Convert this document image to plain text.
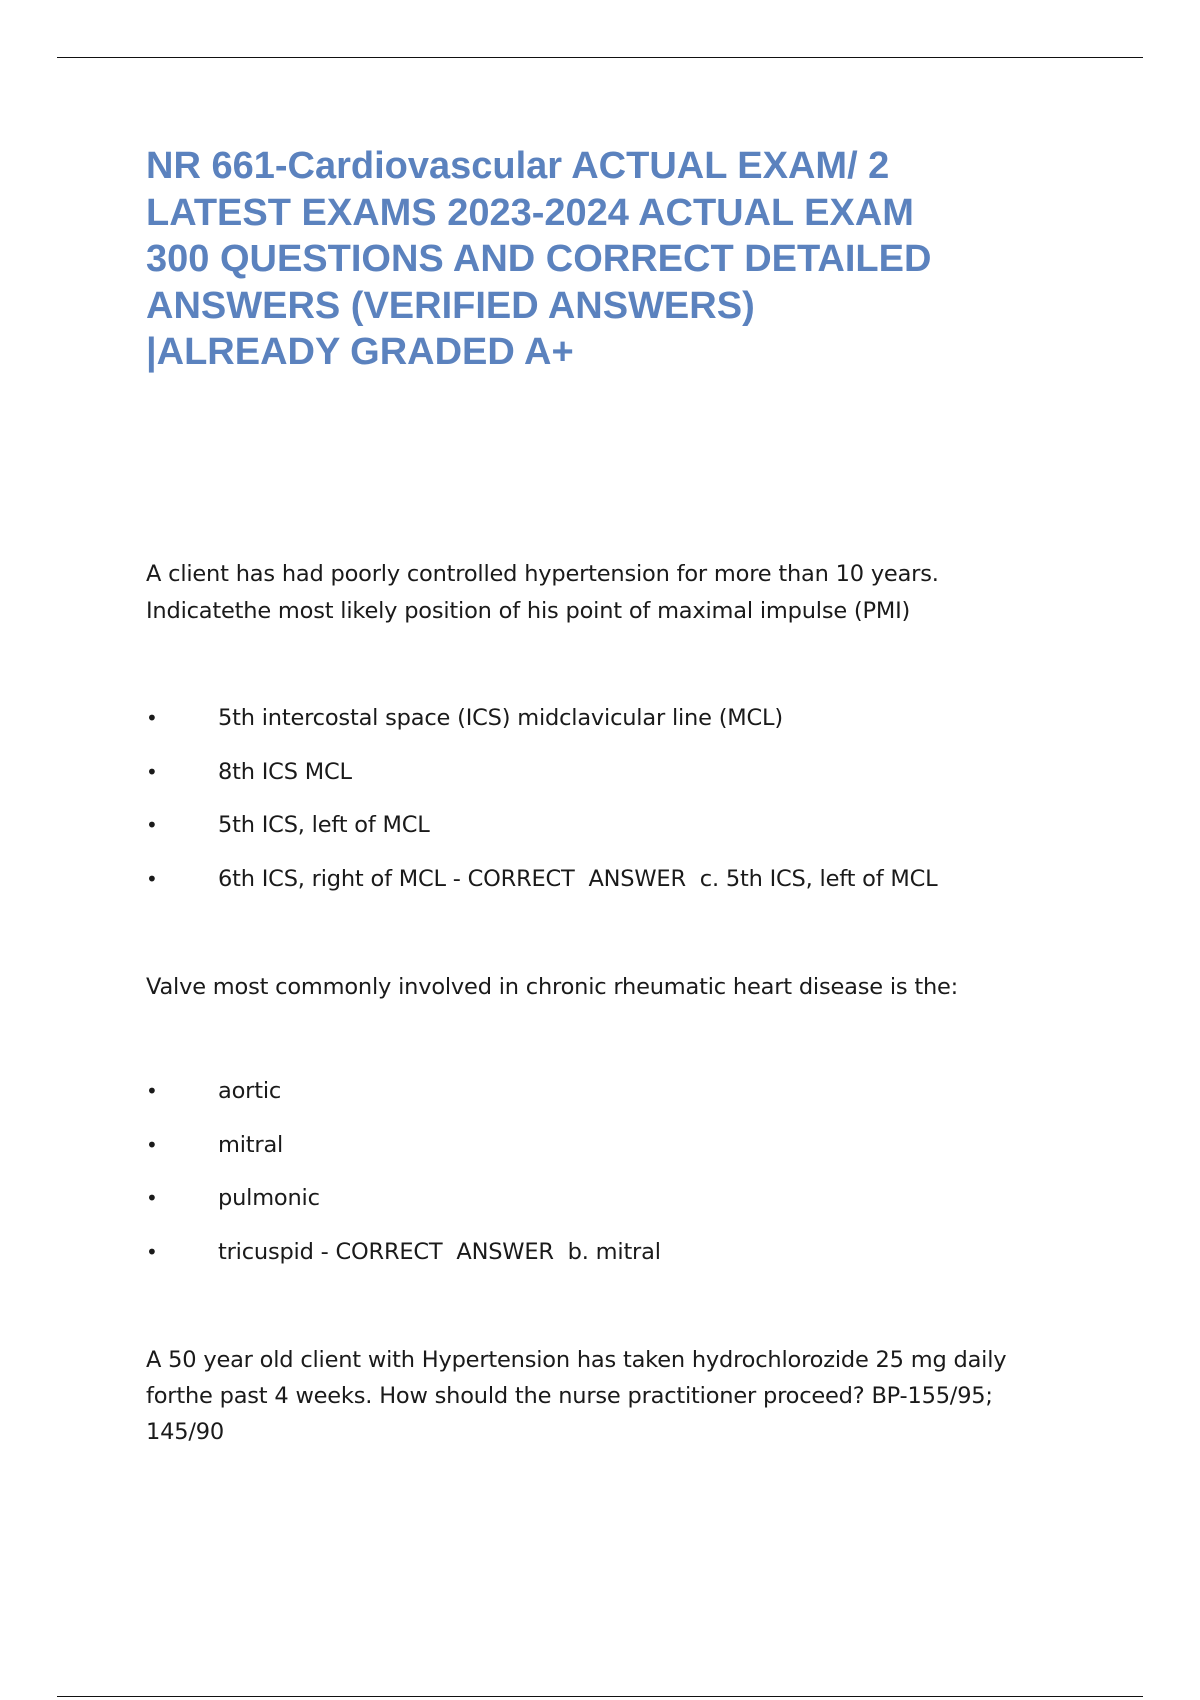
NR 661-Cardiovascular ACTUAL EXAM/ 2 LATEST EXAMS 2023-2024 ACTUAL EXAM 300 QUESTIONS AND CORRECT DETAILED ANSWERS (VERIFIED ANSWERS) |ALREADY GRADED A+

A client has had poorly controlled hypertension for more than 10 years. Indicatethe most likely position of his point of maximal impulse (PMI)

•	5th intercostal space (ICS) midclavicular line (MCL)
•	8th ICS MCL
•	5th ICS, left of MCL
•	6th ICS, right of MCL - CORRECT  ANSWER  c. 5th ICS, left of MCL

Valve most commonly involved in chronic rheumatic heart disease is the:

•	aortic
•	mitral
•	pulmonic
•	tricuspid - CORRECT  ANSWER  b. mitral

A 50 year old client with Hypertension has taken hydrochlorozide 25 mg daily forthe past 4 weeks. How should the nurse practitioner proceed? BP-155/95; 145/90
